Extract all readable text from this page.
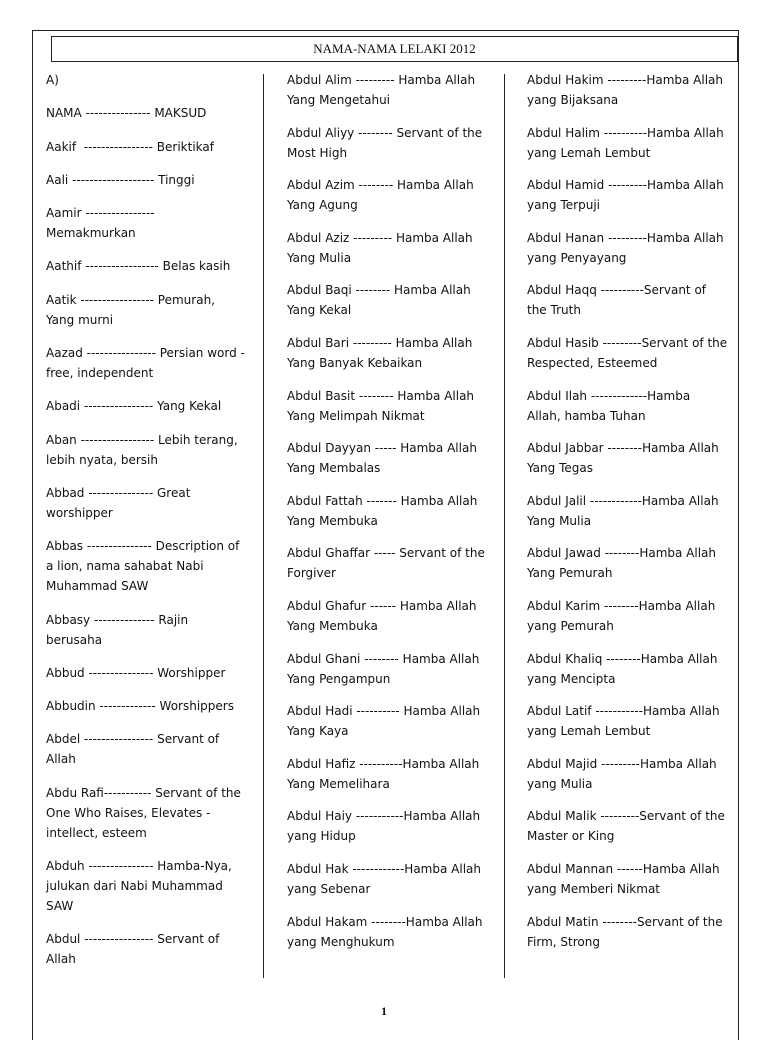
NAMA-NAMA LELAKI 2012
A)
NAMA --------------- MAKSUD
Aakif  ---------------- Beriktikaf
Aali ------------------- Tinggi
Aamir ----------------
Memakmurkan
Aathif ----------------- Belas kasih
Aatik ----------------- Pemurah,
Yang murni
Aazad ---------------- Persian word -
free, independent
Abadi ---------------- Yang Kekal
Aban ----------------- Lebih terang,
lebih nyata, bersih
Abbad --------------- Great
worshipper
Abbas --------------- Description of
a lion, nama sahabat Nabi
Muhammad SAW
Abbasy -------------- Rajin
berusaha
Abbud --------------- Worshipper
Abbudin ------------- Worshippers
Abdel ---------------- Servant of
Allah
Abdu Rafi----------- Servant of the
One Who Raises, Elevates -
intellect, esteem
Abduh --------------- Hamba-Nya,
julukan dari Nabi Muhammad
SAW
Abdul ---------------- Servant of
Allah
Abdul Alim --------- Hamba Allah
Yang Mengetahui
Abdul Aliyy -------- Servant of the
Most High
Abdul Azim -------- Hamba Allah
Yang Agung
Abdul Aziz --------- Hamba Allah
Yang Mulia
Abdul Baqi -------- Hamba Allah
Yang Kekal
Abdul Bari --------- Hamba Allah
Yang Banyak Kebaikan
Abdul Basit -------- Hamba Allah
Yang Melimpah Nikmat
Abdul Dayyan ----- Hamba Allah
Yang Membalas
Abdul Fattah ------- Hamba Allah
Yang Membuka
Abdul Ghaffar ----- Servant of the
Forgiver
Abdul Ghafur ------ Hamba Allah
Yang Membuka
Abdul Ghani -------- Hamba Allah
Yang Pengampun
Abdul Hadi ---------- Hamba Allah
Yang Kaya
Abdul Hafiz ----------Hamba Allah
Yang Memelihara
Abdul Haiy -----------Hamba Allah
yang Hidup
Abdul Hak ------------Hamba Allah
yang Sebenar
Abdul Hakam --------Hamba Allah
yang Menghukum
Abdul Hakim ---------Hamba Allah
yang Bijaksana
Abdul Halim ----------Hamba Allah
yang Lemah Lembut
Abdul Hamid ---------Hamba Allah
yang Terpuji
Abdul Hanan ---------Hamba Allah
yang Penyayang
Abdul Haqq ----------Servant of
the Truth
Abdul Hasib ---------Servant of the
Respected, Esteemed
Abdul Ilah -------------Hamba
Allah, hamba Tuhan
Abdul Jabbar --------Hamba Allah
Yang Tegas
Abdul Jalil ------------Hamba Allah
Yang Mulia
Abdul Jawad --------Hamba Allah
Yang Pemurah
Abdul Karim --------Hamba Allah
yang Pemurah
Abdul Khaliq --------Hamba Allah
yang Mencipta
Abdul Latif -----------Hamba Allah
yang Lemah Lembut
Abdul Majid ---------Hamba Allah
yang Mulia
Abdul Malik ---------Servant of the
Master or King
Abdul Mannan ------Hamba Allah
yang Memberi Nikmat
Abdul Matin --------Servant of the
Firm, Strong
1
